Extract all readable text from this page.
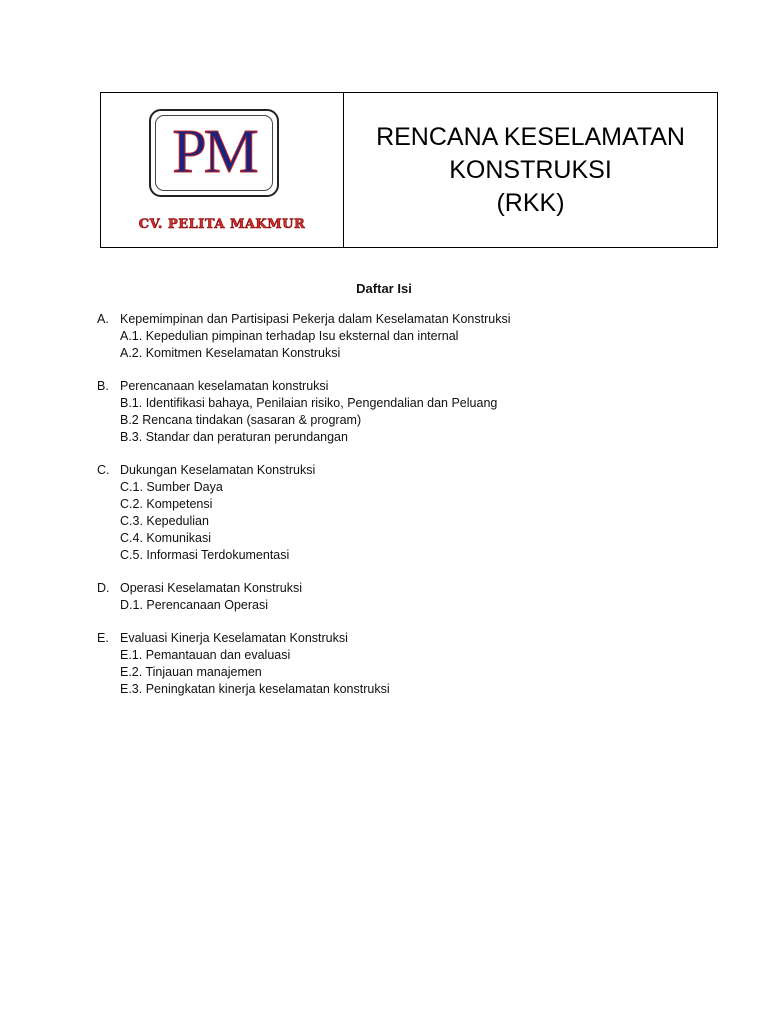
PM
CV. PELITA MAKMUR
RENCANA KESELAMATAN
KONSTRUKSI
(RKK)
Daftar Isi
A. Kepemimpinan dan Partisipasi Pekerja dalam Keselamatan Konstruksi
A.1. Kepedulian pimpinan terhadap Isu eksternal dan internal
A.2. Komitmen Keselamatan Konstruksi
B. Perencanaan keselamatan konstruksi
B.1. Identifikasi bahaya, Penilaian risiko, Pengendalian dan Peluang
B.2 Rencana tindakan (sasaran & program)
B.3. Standar dan peraturan perundangan
C. Dukungan Keselamatan Konstruksi
C.1. Sumber Daya
C.2. Kompetensi
C.3. Kepedulian
C.4. Komunikasi
C.5. Informasi Terdokumentasi
D. Operasi Keselamatan Konstruksi
D.1. Perencanaan Operasi
E. Evaluasi Kinerja Keselamatan Konstruksi
E.1. Pemantauan dan evaluasi
E.2. Tinjauan manajemen
E.3. Peningkatan kinerja keselamatan konstruksi
